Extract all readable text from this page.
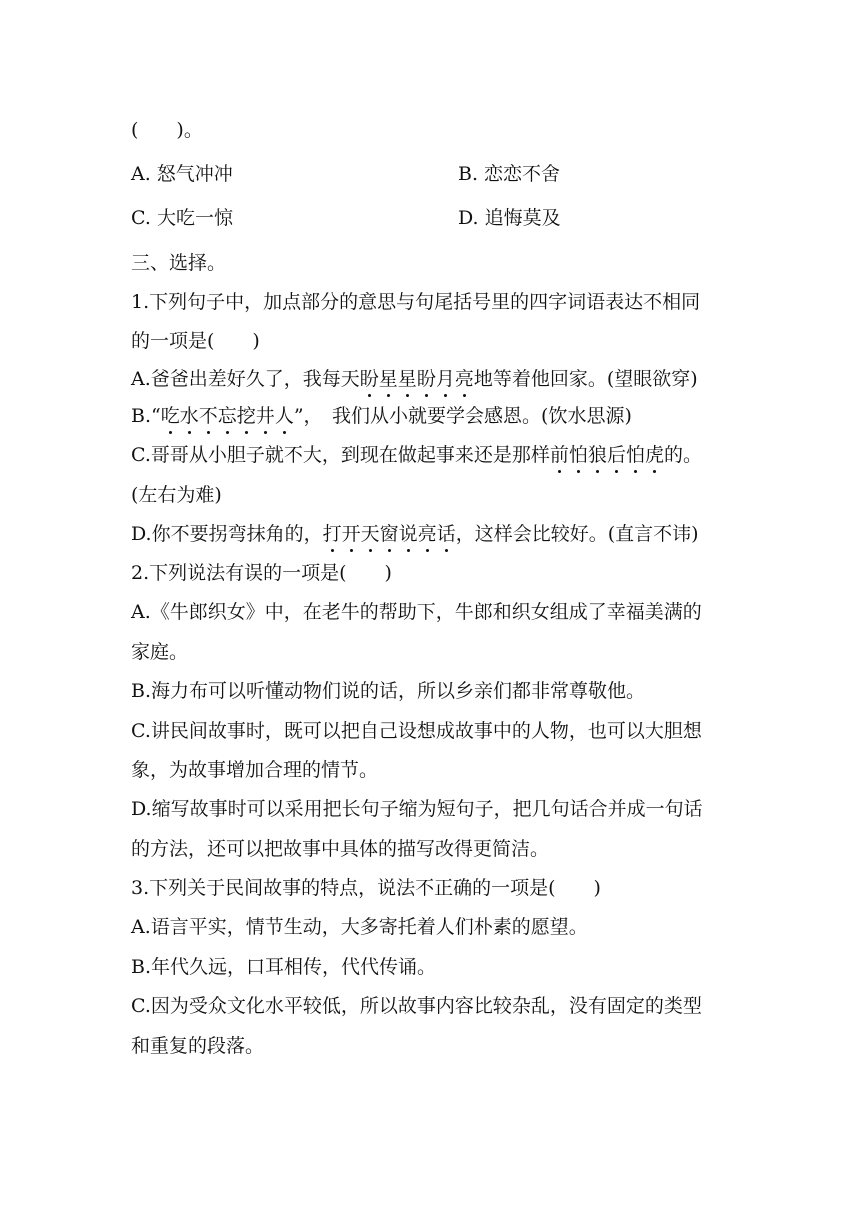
(　　)。
A. 怒气冲冲	B. 恋恋不舍
C. 大吃一惊	D. 追悔莫及
三、选择。
1.下列句子中，加点部分的意思与句尾括号里的四字词语表达不相同
的一项是(　　)
A.爸爸出差好久了，我每天盼星星盼月亮地等着他回家。(望眼欲穿)
B.“吃水不忘挖井人”，　我们从小就要学会感恩。(饮水思源)
C.哥哥从小胆子就不大，到现在做起事来还是那样前怕狼后怕虎的。
(左右为难)
D.你不要拐弯抹角的，打开天窗说亮话，这样会比较好。(直言不讳)
2.下列说法有误的一项是(　　)
A.《牛郎织女》中，在老牛的帮助下，牛郎和织女组成了幸福美满的
家庭。
B.海力布可以听懂动物们说的话，所以乡亲们都非常尊敬他。
C.讲民间故事时，既可以把自己设想成故事中的人物，也可以大胆想
象，为故事增加合理的情节。
D.缩写故事时可以采用把长句子缩为短句子，把几句话合并成一句话
的方法，还可以把故事中具体的描写改得更简洁。
3.下列关于民间故事的特点，说法不正确的一项是(　　)
A.语言平实，情节生动，大多寄托着人们朴素的愿望。
B.年代久远，口耳相传，代代传诵。
C.因为受众文化水平较低，所以故事内容比较杂乱，没有固定的类型
和重复的段落。
